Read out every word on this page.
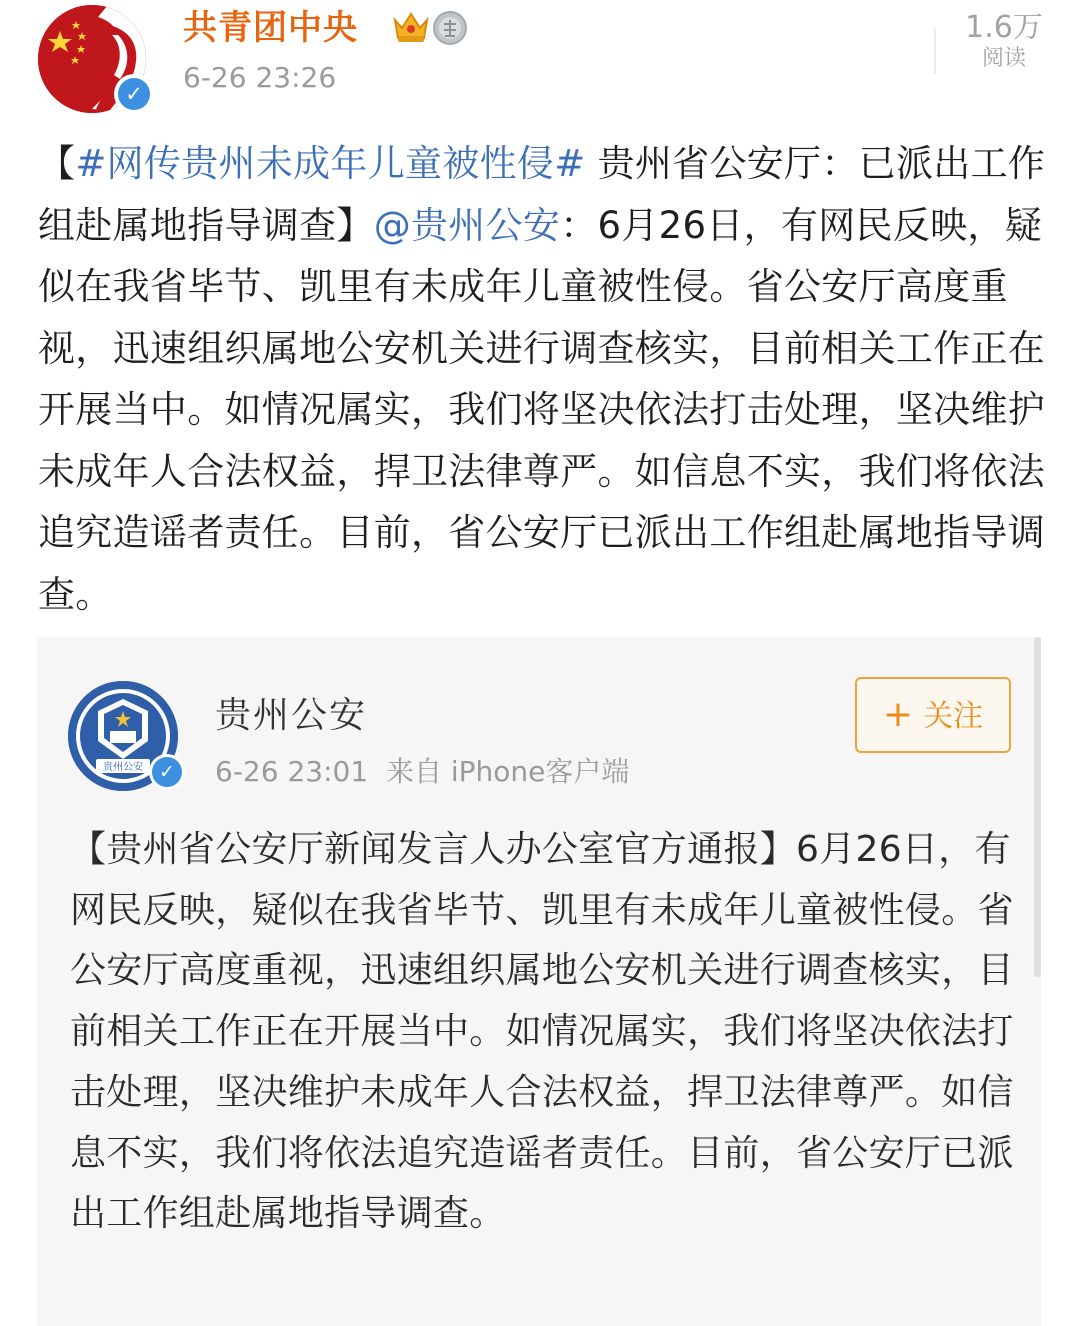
✓
共青团中央
6-26 23:26
1.6万
阅读
【#网传贵州未成年儿童被性侵# 贵州省公安厅：已派出工作组赴属地指导调查】@贵州公安：6月26日，有网民反映，疑似在我省毕节、凯里有未成年儿童被性侵。省公安厅高度重视，迅速组织属地公安机关进行调查核实，目前相关工作正在开展当中。如情况属实，我们将坚决依法打击处理，坚决维护未成年人合法权益，捍卫法律尊严。如信息不实，我们将依法追究造谣者责任。目前，省公安厅已派出工作组赴属地指导调查。
贵州公安 ✓
贵州公安
6-26 23:01 来自 iPhone客户端
+ 关注
【贵州省公安厅新闻发言人办公室官方通报】6月26日，有网民反映，疑似在我省毕节、凯里有未成年儿童被性侵。省公安厅高度重视，迅速组织属地公安机关进行调查核实，目前相关工作正在开展当中。如情况属实，我们将坚决依法打击处理，坚决维护未成年人合法权益，捍卫法律尊严。如信息不实，我们将依法追究造谣者责任。目前，省公安厅已派出工作组赴属地指导调查。
